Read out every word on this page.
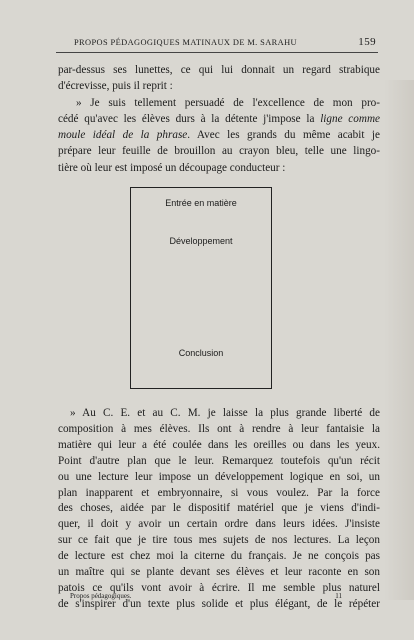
PROPOS PÉDAGOGIQUES MATINAUX DE M. SARAHU	159
par-dessus ses lunettes, ce qui lui donnait un regard strabique
d'écrevisse, puis il reprit :
» Je suis tellement persuadé de l'excellence de mon pro-
cédé qu'avec les élèves durs à la détente j'impose la ligne comme
moule idéal de la phrase. Avec les grands du même acabit je
prépare leur feuille de brouillon au crayon bleu, telle une lingo-
tière où leur est imposé un découpage conducteur :
Entrée en matière
Développement
Conclusion
» Au C. E. et au C. M. je laisse la plus grande liberté de
composition à mes élèves. Ils ont à rendre à leur fantaisie la
matière qui leur a été coulée dans les oreilles ou dans les yeux.
Point d'autre plan que le leur. Remarquez toutefois qu'un récit
ou une lecture leur impose un développement logique en soi, un
plan inapparent et embryonnaire, si vous voulez. Par la force
des choses, aidée par le dispositif matériel que je viens d'indi-
quer, il doit y avoir un certain ordre dans leurs idées. J'insiste
sur ce fait que je tire tous mes sujets de nos lectures. La leçon
de lecture est chez moi la citerne du français. Je ne conçois pas
un maître qui se plante devant ses élèves et leur raconte en son
patois ce qu'ils vont avoir à écrire. Il me semble plus naturel
de s'inspirer d'un texte plus solide et plus élégant, de le répéter
Propos pédagogiques.	11
